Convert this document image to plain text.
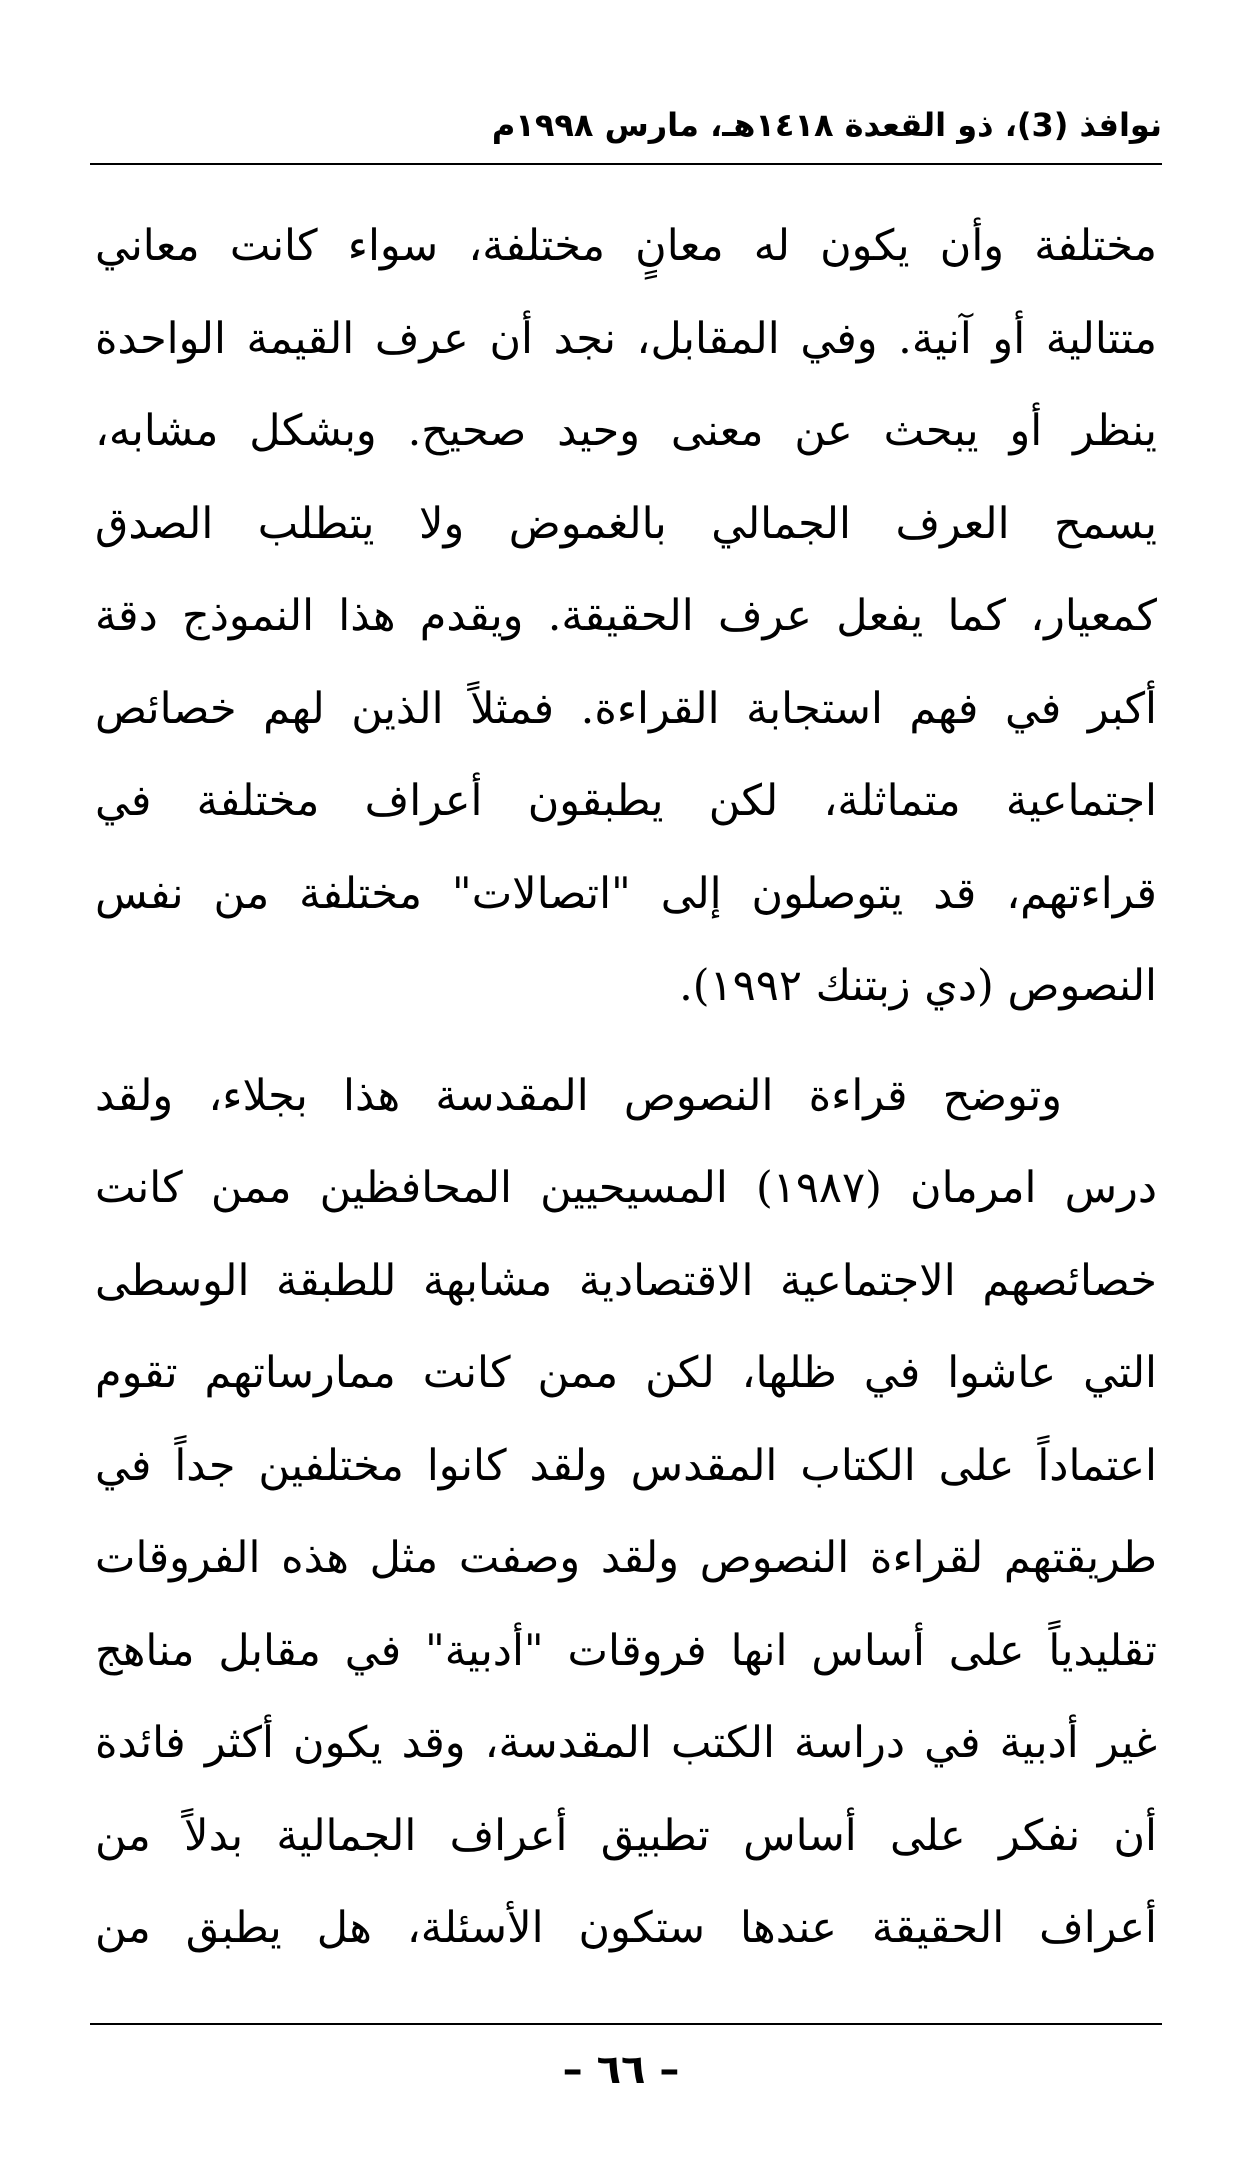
نوافذ (3)، ذو القعدة ١٤١٨هـ، مارس ١٩٩٨م

مختلفة وأن يكون له معانٍ مختلفة، سواء كانت معاني
متتالية أو آنية. وفي المقابل، نجد أن عرف القيمة الواحدة
ينظر أو يبحث عن معنى وحيد صحيح. وبشكل مشابه،
يسمح العرف الجمالي بالغموض ولا يتطلب الصدق
كمعيار، كما يفعل عرف الحقيقة. ويقدم هذا النموذج دقة
أكبر في فهم استجابة القراءة. فمثلاً الذين لهم خصائص
اجتماعية متماثلة، لكن يطبقون أعراف مختلفة في
قراءتهم، قد يتوصلون إلى "اتصالات" مختلفة من نفس
النصوص (دي زبتنك ١٩٩٢).

وتوضح قراءة النصوص المقدسة هذا بجلاء، ولقد
درس امرمان (١٩٨٧) المسيحيين المحافظين ممن كانت
خصائصهم الاجتماعية الاقتصادية مشابهة للطبقة الوسطى
التي عاشوا في ظلها، لكن ممن كانت ممارساتهم تقوم
اعتماداً على الكتاب المقدس ولقد كانوا مختلفين جداً في
طريقتهم لقراءة النصوص ولقد وصفت مثل هذه الفروقات
تقليدياً على أساس انها فروقات "أدبية" في مقابل مناهج
غير أدبية في دراسة الكتب المقدسة، وقد يكون أكثر فائدة
أن نفكر على أساس تطبيق أعراف الجمالية بدلاً من
أعراف الحقيقة عندها ستكون الأسئلة، هل يطبق من

– ٦٦ –
